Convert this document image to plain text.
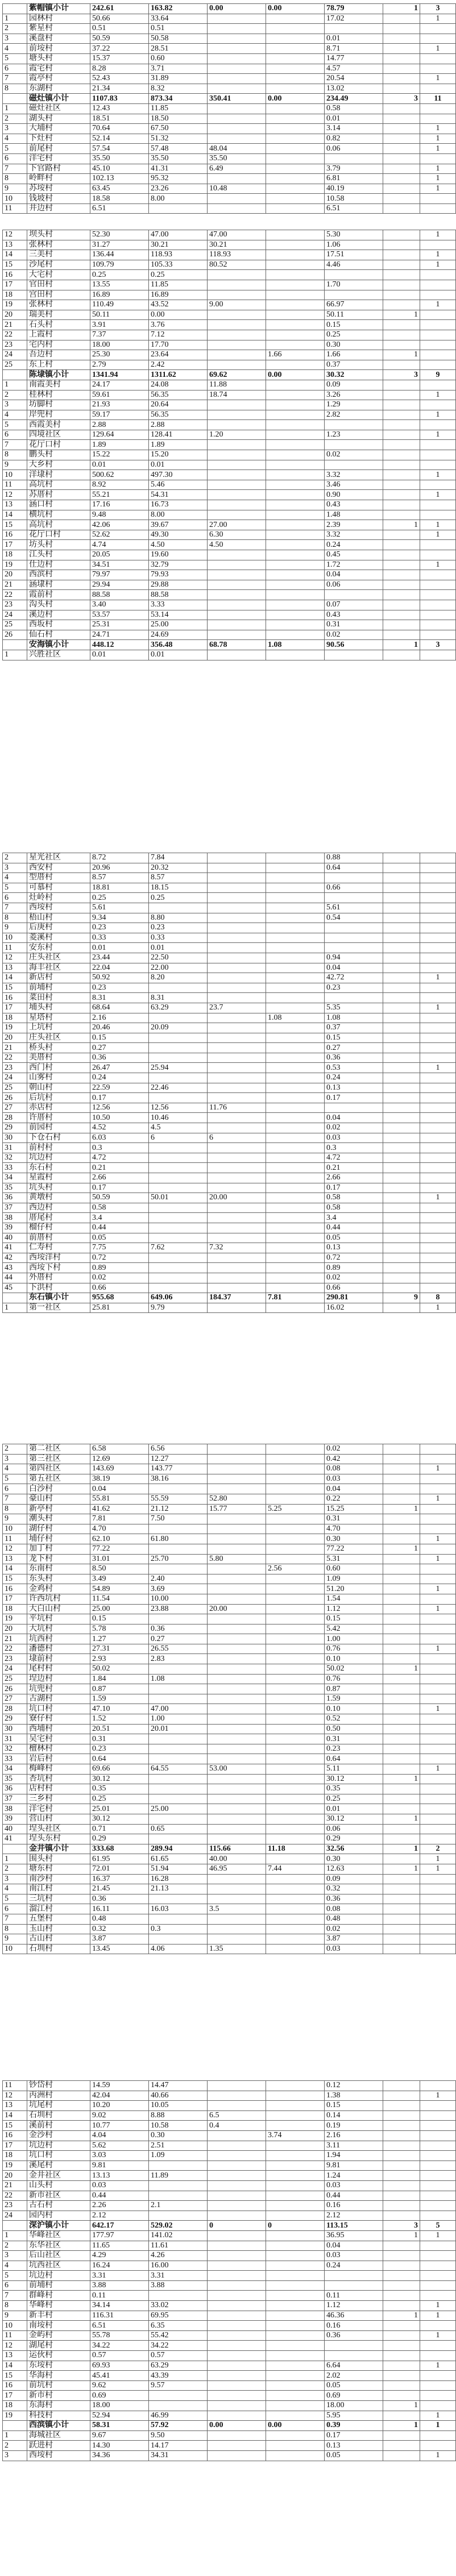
	紫帽镇小计	242.61	163.82	0.00	0.00	78.79	1	3
1	园林村	50.66	33.64			17.02		1
2	紫星村	0.51	0.51					
3	溪盘村	50.59	50.58			0.01		
4	前垵村	37.22	28.51			8.71		1
5	塘头村	15.37	0.60			14.77		
6	霞宅村	8.28	3.71			4.57		
7	霞亭村	52.43	31.89			20.54		1
8	东湖村	21.34	8.32			13.02		
	磁灶镇小计	1107.83	873.34	350.41	0.00	234.49	3	11
1	磁灶社区	12.43	11.85			0.58		
2	湖头村	18.51	18.50			0.01		
3	大埔村	70.64	67.50			3.14		1
4	下灶村	52.14	51.32			0.82		1
5	前尾村	57.54	57.48	48.04		0.06		1
6	洋宅村	35.50	35.50	35.50				
7	下官路村	45.10	41.31	6.49		3.79		1
8	岭畔村	102.13	95.32			6.81		1
9	苏垵村	63.45	23.26	10.48		40.19		1
10	钱坡村	18.58	8.00			10.58		
11	井边村	6.51				6.51		
12	坝头村	52.30	47.00	47.00		5.30		1
13	张林村	31.27	30.21	30.21		1.06		
14	三美村	136.44	118.93	118.93		17.51		1
15	沙尾村	109.79	105.33	80.52		4.46		1
16	大宅村	0.25	0.25					
17	官田村	13.55	11.85			1.70		
18	宫田村	16.89	16.89					
19	张林村	110.49	43.52	9.00		66.97		1
20	瑞美村	50.11	0.00			50.11	1	
21	石头村	3.91	3.76			0.15		
22	上霞村	7.37	7.12			0.25		
23	宅内村	18.00	17.70			0.30		
24	吾边村	25.30	23.64		1.66	1.66	1	
25	东上村	2.79	2.42			0.37		
	陈埭镇小计	1341.94	1311.62	69.62	0.00	30.32	3	9
1	南霞美村	24.17	24.08	11.88		0.09		
2	桂林村	59.61	56.35	18.74		3.26		1
3	坊脚村	21.93	20.64			1.29		
4	岸兜村	59.17	56.35			2.82		1
5	西霞美村	2.88	2.88					
6	四境社区	129.64	128.41	1.20		1.23		1
7	花厅口村	1.89	1.89					
8	鹏头村	15.22	15.20			0.02		
9	大乡村	0.01	0.01					
10	洋埭村	500.62	497.30			3.32		1
11	高坑村	8.92	5.46			3.46		
12	苏厝村	55.21	54.31			0.90		1
13	涵口村	17.16	16.73			0.43		
14	横坑村	9.48	8.00			1.48		
15	高坑村	42.06	39.67	27.00		2.39	1	1
16	花厅口村	52.62	49.30	6.30		3.32		1
17	坊头村	4.74	4.50	4.50		0.24		
18	江头村	20.05	19.60			0.45		
19	仕边村	34.51	32.79			1.72		1
20	西滨村	79.97	79.93			0.04		
21	涵埭村	29.94	29.88			0.06		
22	霞前村	88.58	88.58					
23	沟头村	3.40	3.33			0.07		
24	溪边村	53.57	53.14			0.43		
25	西坂村	25.31	25.00			0.31		
26	仙石村	24.71	24.69			0.02		
	安海镇小计	448.12	356.48	68.78	1.08	90.56	1	3
1	兴胜社区	0.01	0.01					
2	星光社区	8.72	7.84			0.88		
3	西安村	20.96	20.32			0.64		
4	型厝村	8.57	8.57					
5	可慕村	18.81	18.15			0.66		
6	灶岭村	0.25	0.25					
7	西垵村	5.61				5.61		
8	梧山村	9.34	8.80			0.54		
9	后庚村	0.23	0.23					
10	菱溪村	0.33	0.33					
11	安东村	0.01	0.01					
12	庄头社区	23.44	22.50			0.94		
13	海丰社区	22.04	22.00			0.04		
14	新店村	50.92	8.20			42.72		1
15	前埔村	0.23				0.23		
16	菜田村	8.31	8.31					
17	埔头村	68.64	63.29	23.7		5.35		1
18	星塔村	2.16			1.08	1.08		
19	上坑村	20.46	20.09			0.37		
20	庄头社区	0.15				0.15		
21	桥头村	0.27				0.27		
22	美厝村	0.36				0.36		
23	西门村	26.47	25.94			0.53		1
24	山雾村	0.24				0.24		
25	朝山村	22.59	22.46			0.13		
26	后坑村	0.17				0.17		
27	赤店村	12.56	12.56	11.76				
28	许厝村	10.50	10.46			0.04		
29	前园村	4.52	4.5			0.02		
30	下仓石村	6.03	6	6		0.03		
31	前村村	0.3				0.3		
32	坑边村	4.72				4.72		
33	东石村	0.21				0.21		
34	星霞村	2.66				2.66		
35	坑头村	0.17				0.17		
36	黄墩村	50.59	50.01	20.00		0.58		1
37	西边村	0.58				0.58		
38	厝尾村	3.4				3.4		
39	榴仔村	0.44				0.44		
40	前厝村	0.05				0.05		
41	仁寿村	7.75	7.62	7.32		0.13		
42	西垵洋村	0.72				0.72		
43	西垵下村	0.89				0.89		
44	外厝村	0.02				0.02		
45	下洪村	0.66				0.66		
	东石镇小计	955.68	649.06	184.37	7.81	290.81	9	8
1	第一社区	25.81	9.79			16.02		1
2	第二社区	6.58	6.56			0.02		
3	第三社区	12.69	12.27			0.42		
4	第四社区	143.69	143.77			0.08		1
5	第五社区	38.19	38.16			0.03		
6	白沙村	0.04				0.04		
7	豪山村	55.81	55.59	52.80		0.22		1
8	新亭村	41.62	21.12	15.77	5.25	15.25	1	
9	潮头村	7.81	7.50			0.31		
10	湖仔村	4.70				4.70		
11	埔仔村	62.10	61.80			0.30		1
12	加丁村	77.22				77.22	1	
13	龙下村	31.01	25.70	5.80		5.31		1
14	东南村	8.50			2.56	0.60		
15	东头村	3.49	2.40			1.09		
16	金鸡村	54.89	3.69			51.20		1
17	许西坑村	11.54	10.00			1.54		
18	大白山村	25.00	23.88	20.00		1.12		1
19	平坑村	0.15				0.15		
20	大坑村	5.78	0.36			5.42		
21	坑西村	1.27	0.27			1.00		
22	潘德村	27.31	26.55			0.76		1
23	埭前村	2.93	2.83			0.10		
24	尾村村	50.02				50.02	1	
25	埕边村	1.84	1.08			0.76		
26	坑兜村	0.87				0.87		
27	古湖村	1.59				1.59		
28	坑口村	47.10	47.00			0.10		1
29	寮仔村	1.52	1.00			0.52		
30	西埔村	20.51	20.01			0.50		
31	吴宅村	0.31				0.31		
32	檀林村	0.23				0.23		
33	岩后村	0.64				0.64		
34	梅峰村	69.66	64.55	53.00		5.11		1
35	杏坑村	30.12				30.12	1	
36	店村村	0.35				0.35		
37	三乡村	0.25				0.25		
38	洋宅村	25.01	25.00			0.01		
39	营山村	30.12				30.12	1	
40	埕头社区	0.71	0.65			0.06		
41	埕头东村	0.29				0.29		
	金井镇小计	333.68	289.94	115.66	11.18	32.56	1	2
1	围头村	61.95	61.65	40.00		0.30		1
2	塘东村	72.01	51.94	46.95	7.44	12.63	1	1
3	南沙村	16.37	16.28			0.09		
4	南江村	21.45	21.13			0.32		
5	三坑村	0.36				0.36		
6	溜江村	16.11	16.03	3.5		0.08		
7	五堡村	0.48				0.48		
8	玉山村	0.32	0.3			0.02		
9	古山村	3.87				3.87		
10	石圳村	13.45	4.06	1.35		0.03		
11	钞岱村	14.59	14.47			0.12		
12	丙洲村	42.04	40.66			1.38		1
13	坑尾村	10.20	10.05			0.15		
14	石圳村	9.02	8.88	6.5		0.14		
15	溪前村	10.77	10.58	0.4		0.19		
16	金沙村	4.04	0.30		3.74	2.16		
17	坑边村	5.62	2.51			3.11		
18	坑口村	3.03	1.09			1.94		
19	溪尾村	9.81				9.81		
20	金井社区	13.13	11.89			1.24		
21	山头村	0.03				0.03		
22	新市社区	0.44				0.44		
23	古石村	2.26	2.1			0.16		
24	园内村	2.12				2.12		
	深沪镇小计	642.17	529.02	0	0	113.15	3	5
1	华峰社区	177.97	141.02			36.95	1	1
2	东华社区	11.65	11.61			0.04		
3	后山社区	4.29	4.26			0.03		
4	坑西社区	16.24	16.00			0.24		
5	坑边村	3.31	3.31					
6	前埔村	3.88	3.88					
7	群峰村	0.11				0.11		
8	华峰村	34.14	33.02			1.12		1
9	新丰村	116.31	69.95			46.36	1	1
10	南垵村	6.51	6.35			0.16		
11	金屿村	55.78	55.42			0.36		1
12	湖尾村	34.22	34.22					
13	运伙村	0.57	0.57					
14	东垵村	69.93	63.29			6.64		1
15	华海村	45.41	43.39			2.02		
16	前坑村	9.62	9.57			0.05		
17	新市村	0.69				0.69		
18	东海村	18.00				18.00	1	
19	科技村	52.94	46.99			5.95		1
	西滨镇小计	58.31	57.92	0.00	0.00	0.39	1	1
1	海城社区	9.67	9.50			0.17		
2	跃进村	14.30	14.17			0.13		
3	西垵村	34.36	34.31			0.05		1
